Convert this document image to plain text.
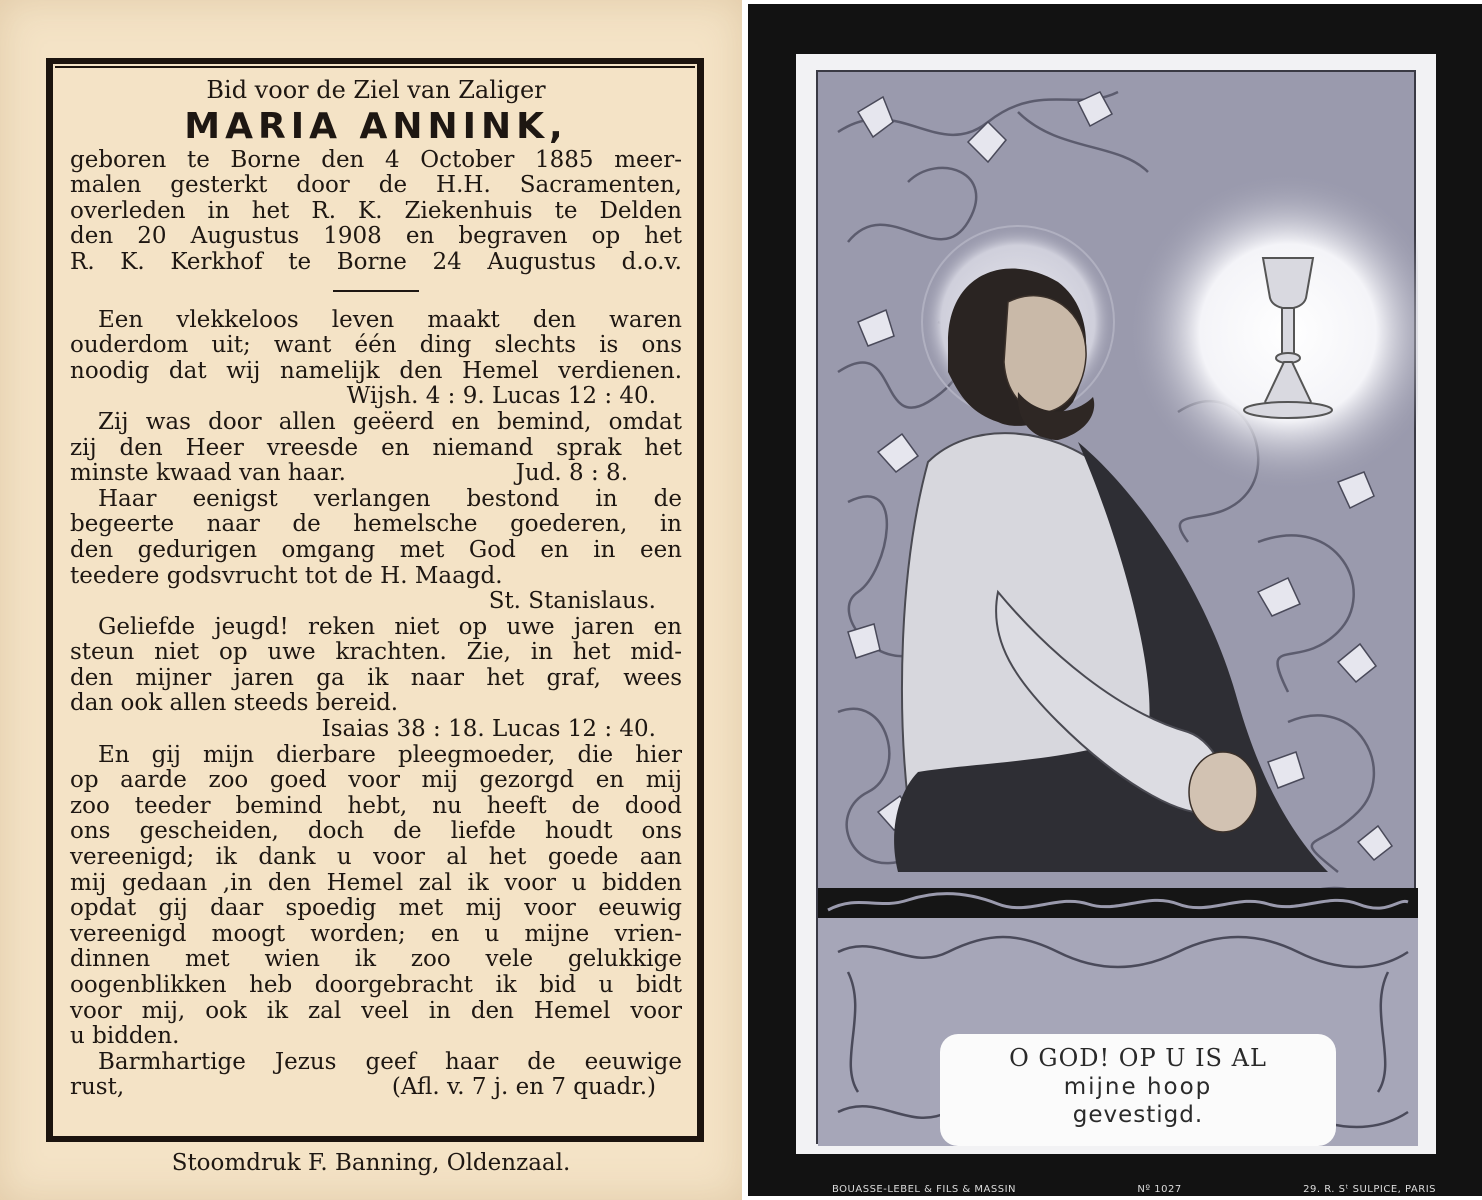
Bid voor de Ziel van Zaliger
MARIA ANNINK,
geboren te Borne den 4 October 1885 meer-
malen gesterkt door de H.H. Sacramenten,
overleden in het R. K. Ziekenhuis te Delden
den 20 Augustus 1908 en begraven op het
R. K. Kerkhof te Borne 24 Augustus d.o.v.
Een vlekkeloos leven maakt den waren
ouderdom uit; want één ding slechts is ons
noodig dat wij namelijk den Hemel verdienen.
Wijsh. 4 : 9. Lucas 12 : 40.
Zij was door allen geëerd en bemind, omdat
zij den Heer vreesde en niemand sprak het
minste kwaad van haar.	Jud. 8 : 8.
Haar eenigst verlangen bestond in de
begeerte naar de hemelsche goederen, in
den gedurigen omgang met God en in een
teedere godsvrucht tot de H. Maagd.
St. Stanislaus.
Geliefde jeugd! reken niet op uwe jaren en
steun niet op uwe krachten. Zie, in het mid-
den mijner jaren ga ik naar het graf, wees
dan ook allen steeds bereid.
Isaias 38 : 18. Lucas 12 : 40.
En gij mijn dierbare pleegmoeder, die hier
op aarde zoo goed voor mij gezorgd en mij
zoo teeder bemind hebt, nu heeft de dood
ons gescheiden, doch de liefde houdt ons
vereenigd; ik dank u voor al het goede aan
mij gedaan ,in den Hemel zal ik voor u bidden
opdat gij daar spoedig met mij voor eeuwig
vereenigd moogt worden; en u mijne vrien-
dinnen met wien ik zoo vele gelukkige
oogenblikken heb doorgebracht ik bid u bidt
voor mij, ook ik zal veel in den Hemel voor
u bidden.
Barmhartige Jezus geef haar de eeuwige
rust,	(Afl. v. 7 j. en 7 quadr.)
Stoomdruk F. Banning, Oldenzaal.
O GOD! OP U IS AL
mijne hoop
gevestigd.
BOUASSE-LEBEL & FILS & MASSIN	Nº 1027	29. R. Sᵗ SULPICE, PARIS
